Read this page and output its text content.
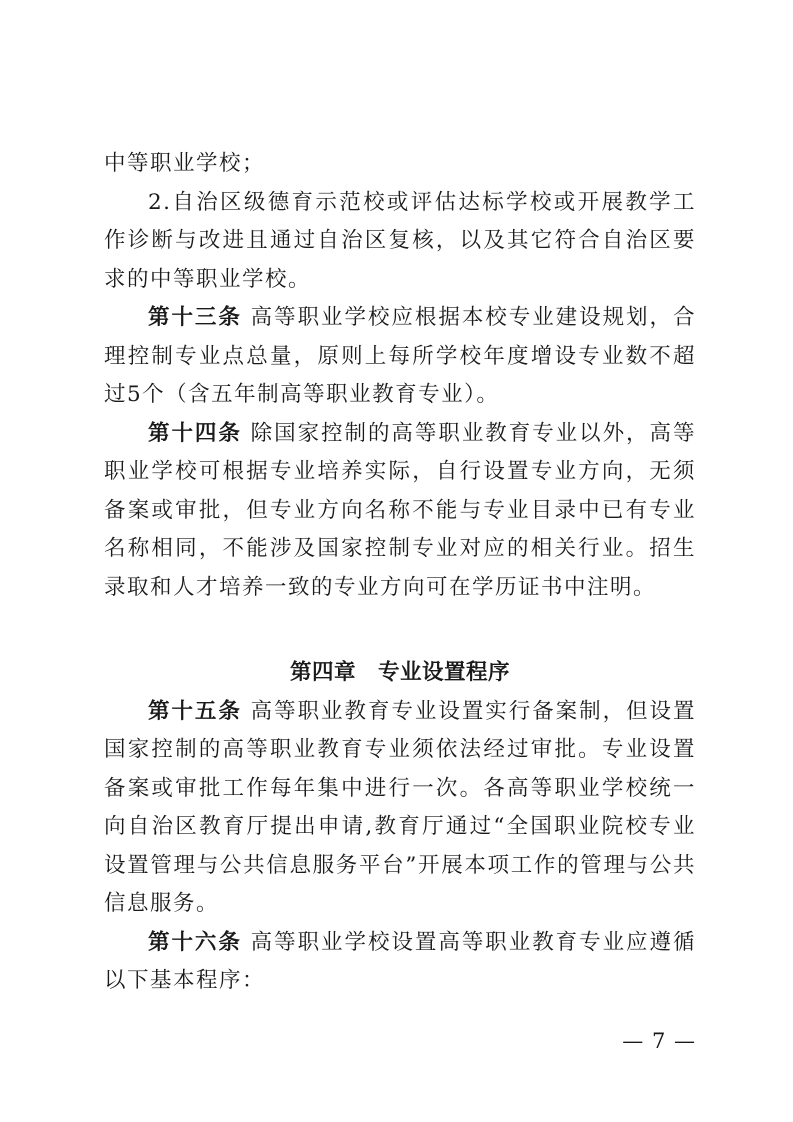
中等职业学校；

2.自治区级德育示范校或评估达标学校或开展教学工作诊断与改进且通过自治区复核，以及其它符合自治区要求的中等职业学校。

第十三条 高等职业学校应根据本校专业建设规划，合理控制专业点总量，原则上每所学校年度增设专业数不超过5个（含五年制高等职业教育专业）。

第十四条 除国家控制的高等职业教育专业以外，高等职业学校可根据专业培养实际，自行设置专业方向，无须备案或审批，但专业方向名称不能与专业目录中已有专业名称相同，不能涉及国家控制专业对应的相关行业。招生录取和人才培养一致的专业方向可在学历证书中注明。

第四章 专业设置程序

第十五条 高等职业教育专业设置实行备案制，但设置国家控制的高等职业教育专业须依法经过审批。专业设置备案或审批工作每年集中进行一次。各高等职业学校统一向自治区教育厅提出申请,教育厅通过“全国职业院校专业设置管理与公共信息服务平台”开展本项工作的管理与公共信息服务。

第十六条 高等职业学校设置高等职业教育专业应遵循以下基本程序：

— 7 —
